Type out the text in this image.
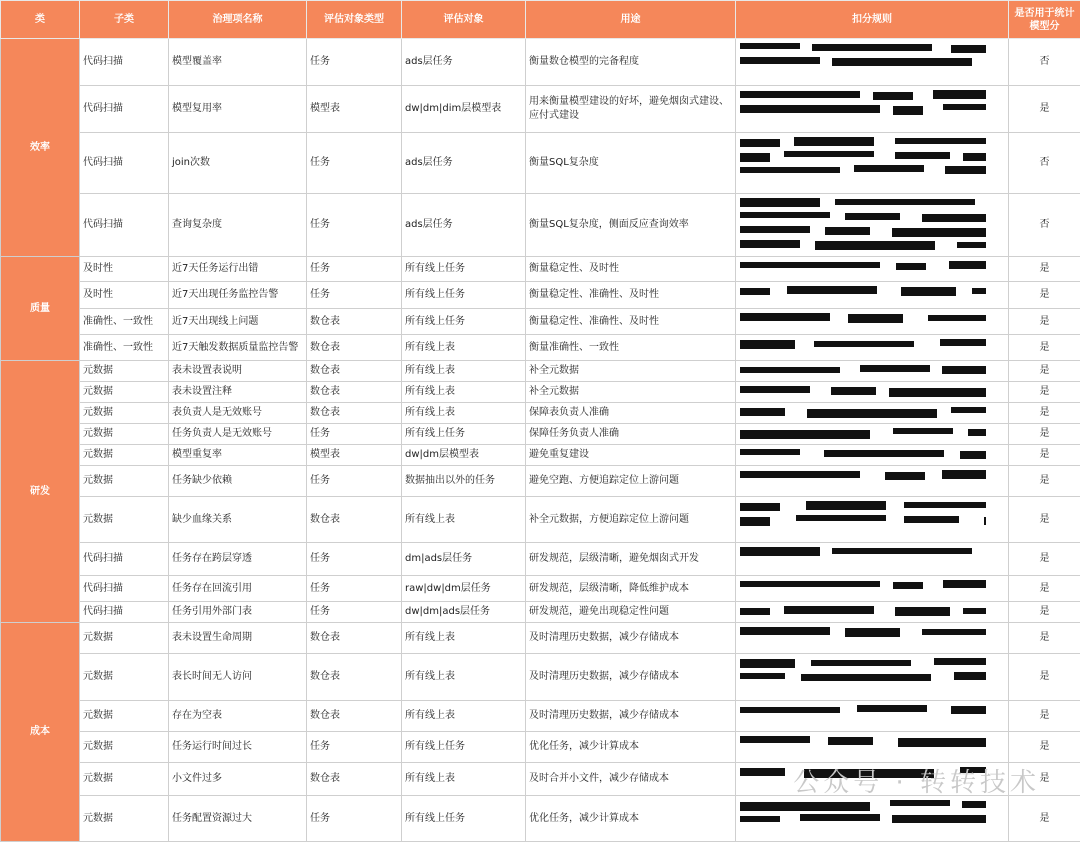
类	子类	治理项名称	评估对象类型	评估对象	用途	扣分规则	是否用于统计模型分
效率	代码扫描	模型覆盖率	任务	ads层任务	衡量数仓模型的完备程度		否
	代码扫描	模型复用率	模型表	dw|dm|dim层模型表	用来衡量模型建设的好坏，避免烟囱式建设、应付式建设		是
	代码扫描	join次数	任务	ads层任务	衡量SQL复杂度		否
	代码扫描	查询复杂度	任务	ads层任务	衡量SQL复杂度，侧面反应查询效率		否
质量	及时性	近7天任务运行出错	任务	所有线上任务	衡量稳定性、及时性		是
	及时性	近7天出现任务监控告警	任务	所有线上任务	衡量稳定性、准确性、及时性		是
	准确性、一致性	近7天出现线上问题	数仓表	所有线上任务	衡量稳定性、准确性、及时性		是
	准确性、一致性	近7天触发数据质量监控告警	数仓表	所有线上表	衡量准确性、一致性		是
研发	元数据	表未设置表说明	数仓表	所有线上表	补全元数据		是
	元数据	表未设置注释	数仓表	所有线上表	补全元数据		是
	元数据	表负责人是无效账号	数仓表	所有线上表	保障表负责人准确		是
	元数据	任务负责人是无效账号	任务	所有线上任务	保障任务负责人准确		是
	元数据	模型重复率	模型表	dw|dm层模型表	避免重复建设		是
	元数据	任务缺少依赖	任务	数据抽出以外的任务	避免空跑、方便追踪定位上游问题		是
	元数据	缺少血缘关系	数仓表	所有线上表	补全元数据，方便追踪定位上游问题		是
	代码扫描	任务存在跨层穿透	任务	dm|ads层任务	研发规范，层级清晰，避免烟囱式开发		是
	代码扫描	任务存在回流引用	任务	raw|dw|dm层任务	研发规范，层级清晰，降低维护成本		是
	代码扫描	任务引用外部门表	任务	dw|dm|ads层任务	研发规范，避免出现稳定性问题		是
成本	元数据	表未设置生命周期	数仓表	所有线上表	及时清理历史数据，减少存储成本		是
	元数据	表长时间无人访问	数仓表	所有线上表	及时清理历史数据，减少存储成本		是
	元数据	存在为空表	数仓表	所有线上表	及时清理历史数据，减少存储成本		是
	元数据	任务运行时间过长	任务	所有线上任务	优化任务，减少计算成本		是
	元数据	小文件过多	数仓表	所有线上表	及时合并小文件，减少存储成本		是
	元数据	任务配置资源过大	任务	所有线上任务	优化任务，减少计算成本		是
公众号 · 转转技术
